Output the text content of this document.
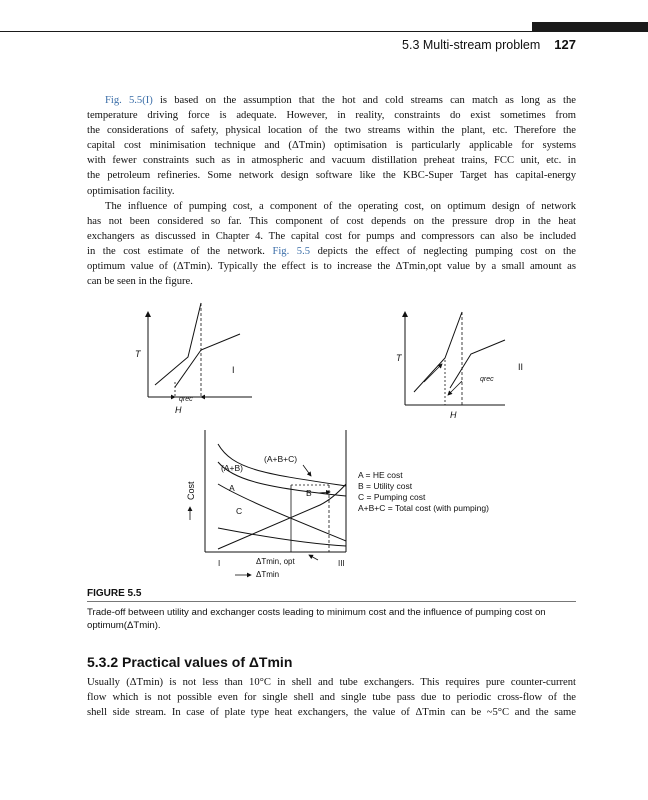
5.3 Multi-stream problem 127
Fig. 5.5(I) is based on the assumption that the hot and cold streams can match as long as the
temperature driving force is adequate. However, in reality, constraints do exist sometimes from
the considerations of safety, physical location of the two streams within the plant, etc. Therefore the
capital cost minimisation technique and (ΔTmin) optimisation is particularly applicable for systems
with fewer constraints such as in atmospheric and vacuum distillation preheat trains, FCC unit, etc. in
the petroleum refineries. Some network design software like the KBC-Super Target has capital-energy
optimisation facility.
The influence of pumping cost, a component of the operating cost, on optimum design of network
has not been considered so far. This component of cost depends on the pressure drop in the heat
exchangers as discussed in Chapter 4. The capital cost for pumps and compressors can also be included
in the cost estimate of the network. Fig. 5.5 depicts the effect of neglecting pumping cost on the
optimum value of (ΔTmin). Typically the effect is to increase the ΔTmin,opt value by a small amount as
can be seen in the figure.
T
H
qrec
I
T
H
qrec
II
Cost
(A+B+C)
(A+B)
A	B
C
ΔTmin, opt
ΔTmin
I	III
A = HE cost
B = Utility cost
C = Pumping cost
A+B+C = Total cost (with pumping)
FIGURE 5.5

Trade-off between utility and exchanger costs leading to minimum cost and the influence of pumping cost on optimum(ΔTmin).

5.3.2 Practical values of ΔTmin
Usually (ΔTmin) is not less than 10°C in shell and tube exchangers. This requires pure counter-current
flow which is not possible even for single shell and single tube pass due to periodic cross-flow of the
shell side stream. In case of plate type heat exchangers, the value of ΔTmin can be ~5°C and the same
